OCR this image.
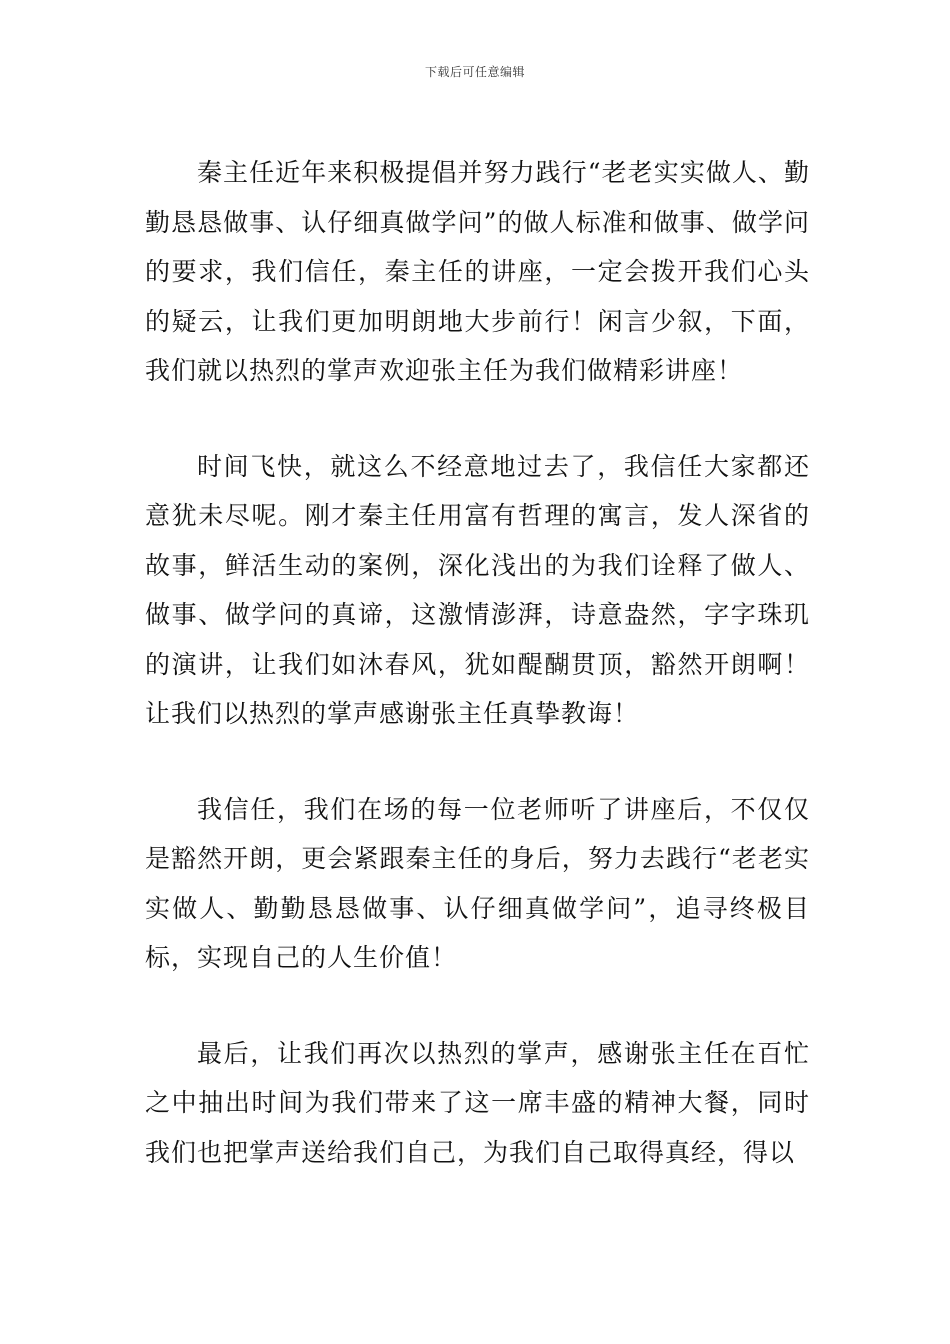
下载后可任意编辑

秦主任近年来积极提倡并努力践行“老老实实做人、勤勤恳恳做事、认仔细真做学问”的做人标准和做事、做学问的要求，我们信任，秦主任的讲座，一定会拨开我们心头的疑云，让我们更加明朗地大步前行！闲言少叙，下面，我们就以热烈的掌声欢迎张主任为我们做精彩讲座！

时间飞快，就这么不经意地过去了，我信任大家都还意犹未尽呢。刚才秦主任用富有哲理的寓言，发人深省的故事，鲜活生动的案例，深化浅出的为我们诠释了做人、做事、做学问的真谛，这激情澎湃，诗意盎然，字字珠玑的演讲，让我们如沐春风，犹如醍醐贯顶，豁然开朗啊！让我们以热烈的掌声感谢张主任真挚教诲！

我信任，我们在场的每一位老师听了讲座后，不仅仅是豁然开朗，更会紧跟秦主任的身后，努力去践行“老老实实做人、勤勤恳恳做事、认仔细真做学问”，追寻终极目标，实现自己的人生价值！

最后，让我们再次以热烈的掌声，感谢张主任在百忙之中抽出时间为我们带来了这一席丰盛的精神大餐，同时我们也把掌声送给我们自己，为我们自己取得真经，得以
